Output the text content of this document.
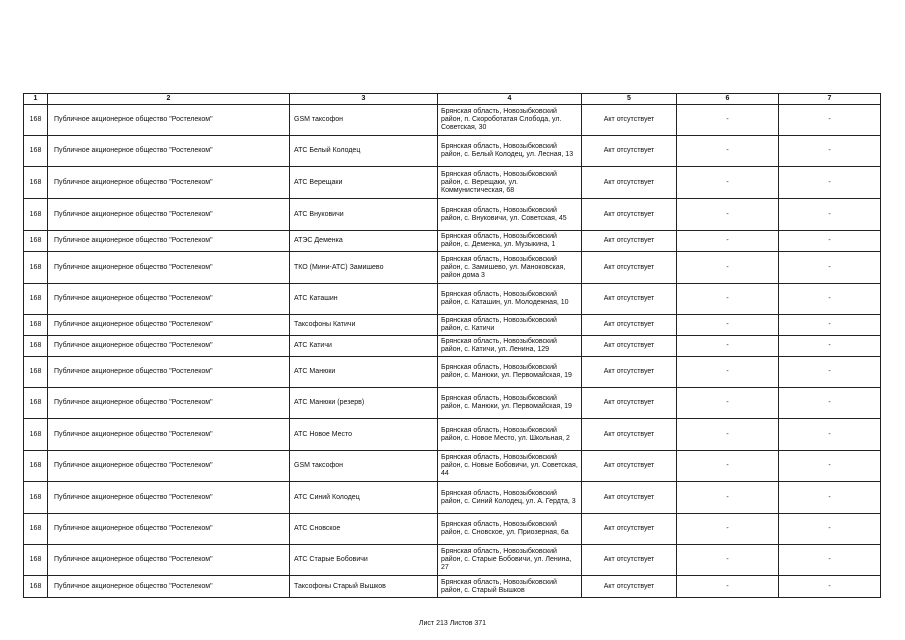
1	2	3	4	5	6	7
168	Публичное акционерное общество "Ростелеком"	GSM таксофон	Брянская область, Новозыбковский район, п. Скороботатая Слобода, ул. Советская, 30	Акт отсутствует	-	-
168	Публичное акционерное общество "Ростелеком"	АТС Белый Колодец	Брянская область, Новозыбковский район, с. Белый Колодец, ул. Лесная, 13	Акт отсутствует	-	-
168	Публичное акционерное общество "Ростелеком"	АТС Верещаки	Брянская область, Новозыбковский район, с. Верещаки, ул. Коммунистическая, 68	Акт отсутствует	-	-
168	Публичное акционерное общество "Ростелеком"	АТС Внуковичи	Брянская область, Новозыбковский район, с. Внуковичи, ул. Советская, 45	Акт отсутствует	-	-
168	Публичное акционерное общество "Ростелеком"	АТЭС Деменка	Брянская область, Новозыбковский район, с. Деменка, ул. Музыкина, 1	Акт отсутствует	-	-
168	Публичное акционерное общество "Ростелеком"	ТКО (Мини-АТС) Замишево	Брянская область, Новозыбковский район, с. Замишево, ул. Маноковская, район дома 3	Акт отсутствует	-	-
168	Публичное акционерное общество "Ростелеком"	АТС Каташин	Брянская область, Новозыбковский район, с. Каташин, ул. Молодежная, 10	Акт отсутствует	-	-
168	Публичное акционерное общество "Ростелеком"	Таксофоны Катичи	Брянская область, Новозыбковский район, с. Катичи	Акт отсутствует	-	-
168	Публичное акционерное общество "Ростелеком"	АТС Катичи	Брянская область, Новозыбковский район, с. Катичи, ул. Ленина, 129	Акт отсутствует	-	-
168	Публичное акционерное общество "Ростелеком"	АТС Манюки	Брянская область, Новозыбковский район, с. Манюки, ул. Первомайская, 19	Акт отсутствует	-	-
168	Публичное акционерное общество "Ростелеком"	АТС Манюки (резерв)	Брянская область, Новозыбковский район, с. Манюки, ул. Первомайская, 19	Акт отсутствует	-	-
168	Публичное акционерное общество "Ростелеком"	АТС Новое Место	Брянская область, Новозыбковский район, с. Новое Место, ул. Школьная, 2	Акт отсутствует	-	-
168	Публичное акционерное общество "Ростелеком"	GSM таксофон	Брянская область, Новозыбковский район, с. Новые Бобовичи, ул. Советская, 44	Акт отсутствует	-	-
168	Публичное акционерное общество "Ростелеком"	АТС Синий Колодец	Брянская область, Новозыбковский район, с. Синий Колодец, ул. А. Гердта, 3	Акт отсутствует	-	-
168	Публичное акционерное общество "Ростелеком"	АТС Сновское	Брянская область, Новозыбковский район, с. Сновское, ул. Приозерная, 6а	Акт отсутствует	-	-
168	Публичное акционерное общество "Ростелеком"	АТС Старые Бобовичи	Брянская область, Новозыбковский район, с. Старые Бобовичи, ул. Ленина, 27	Акт отсутствует	-	-
168	Публичное акционерное общество "Ростелеком"	Таксофоны Старый Вышков	Брянская область, Новозыбковский район, с. Старый Вышков	Акт отсутствует	-	-
Лист 213 Листов 371
